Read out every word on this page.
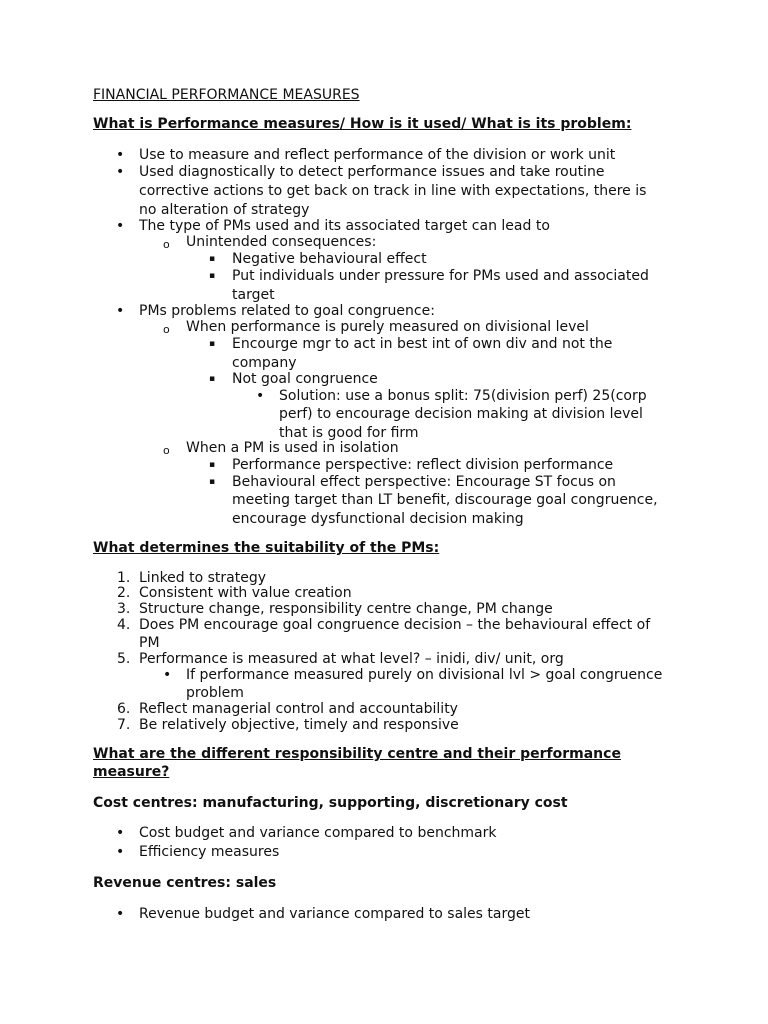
FINANCIAL PERFORMANCE MEASURES
What is Performance measures/ How is it used/ What is its problem:
• Use to measure and reflect performance of the division or work unit
• Used diagnostically to detect performance issues and take routine
corrective actions to get back on track in line with expectations, there is
no alteration of strategy
• The type of PMs used and its associated target can lead to
o Unintended consequences:
▪ Negative behavioural effect
▪ Put individuals under pressure for PMs used and associated
target
• PMs problems related to goal congruence:
o When performance is purely measured on divisional level
▪ Encourge mgr to act in best int of own div and not the
company
▪ Not goal congruence
• Solution: use a bonus split: 75(division perf) 25(corp
perf) to encourage decision making at division level
that is good for firm
o When a PM is used in isolation
▪ Performance perspective: reflect division performance
▪ Behavioural effect perspective: Encourage ST focus on
meeting target than LT benefit, discourage goal congruence,
encourage dysfunctional decision making
What determines the suitability of the PMs:
1. Linked to strategy
2. Consistent with value creation
3. Structure change, responsibility centre change, PM change
4. Does PM encourage goal congruence decision – the behavioural effect of
PM
5. Performance is measured at what level? – inidi, div/ unit, org
• If performance measured purely on divisional lvl > goal congruence
problem
6. Reflect managerial control and accountability
7. Be relatively objective, timely and responsive
What are the different responsibility centre and their performance
measure?
Cost centres: manufacturing, supporting, discretionary cost
• Cost budget and variance compared to benchmark
• Efficiency measures
Revenue centres: sales
• Revenue budget and variance compared to sales target
